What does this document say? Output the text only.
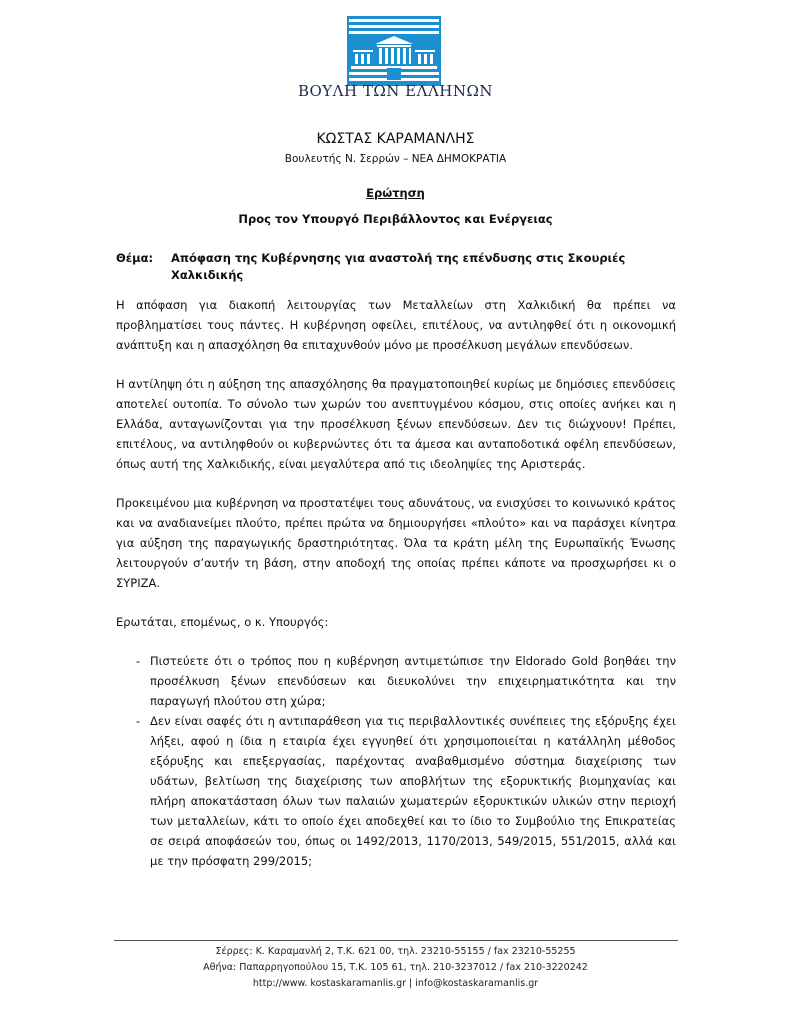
ΒΟΥΛΗ ΤΩΝ ΕΛΛΗΝΩΝ
ΚΩΣΤΑΣ ΚΑΡΑΜΑΝΛΗΣ
Βουλευτής Ν. Σερρών – ΝΕΑ ΔΗΜΟΚΡΑΤΙΑ
Ερώτηση
Προς τον Υπουργό Περιβάλλοντος και Ενέργειας
Θέμα: Απόφαση της Κυβέρνησης για αναστολή της επένδυσης στις Σκουριές Χαλκιδικής

Η απόφαση για διακοπή λειτουργίας των Μεταλλείων στη Χαλκιδική θα πρέπει να προβληματίσει τους πάντες. Η κυβέρνηση οφείλει, επιτέλους, να αντιληφθεί ότι η οικονομική ανάπτυξη και η απασχόληση θα επιταχυνθούν μόνο με προσέλκυση μεγάλων επενδύσεων.

Η αντίληψη ότι η αύξηση της απασχόλησης θα πραγματοποιηθεί κυρίως με δημόσιες επενδύσεις αποτελεί ουτοπία. Το σύνολο των χωρών του ανεπτυγμένου κόσμου, στις οποίες ανήκει και η Ελλάδα, ανταγωνίζονται για την προσέλκυση ξένων επενδύσεων. Δεν τις διώχνουν! Πρέπει, επιτέλους, να αντιληφθούν οι κυβερνώντες ότι τα άμεσα και ανταποδοτικά οφέλη επενδύσεων, όπως αυτή της Χαλκιδικής, είναι μεγαλύτερα από τις ιδεοληψίες της Αριστεράς.

Προκειμένου μια κυβέρνηση να προστατέψει τους αδυνάτους, να ενισχύσει το κοινωνικό κράτος και να αναδιανείμει πλούτο, πρέπει πρώτα να δημιουργήσει «πλούτο» και να παράσχει κίνητρα για αύξηση της παραγωγικής δραστηριότητας. Όλα τα κράτη μέλη της Ευρωπαϊκής Ένωσης λειτουργούν σ’αυτήν τη βάση, στην αποδοχή της οποίας πρέπει κάποτε να προσχωρήσει κι ο ΣΥΡΙΖΑ.

Ερωτάται, επομένως, ο κ. Υπουργός:

- Πιστεύετε ότι ο τρόπος που η κυβέρνηση αντιμετώπισε την Eldorado Gold βοηθάει την προσέλκυση ξένων επενδύσεων και διευκολύνει την επιχειρηματικότητα και την παραγωγή πλούτου στη χώρα;
- Δεν είναι σαφές ότι η αντιπαράθεση για τις περιβαλλοντικές συνέπειες της εξόρυξης έχει λήξει, αφού η ίδια η εταιρία έχει εγγυηθεί ότι χρησιμοποιείται η κατάλληλη μέθοδος εξόρυξης και επεξεργασίας, παρέχοντας αναβαθμισμένο σύστημα διαχείρισης των υδάτων, βελτίωση της διαχείρισης των αποβλήτων της εξορυκτικής βιομηχανίας και πλήρη αποκατάσταση όλων των παλαιών χωματερών εξορυκτικών υλικών στην περιοχή των μεταλλείων, κάτι το οποίο έχει αποδεχθεί και το ίδιο το Συμβούλιο της Επικρατείας σε σειρά αποφάσεών του, όπως οι 1492/2013, 1170/2013, 549/2015, 551/2015, αλλά και με την πρόσφατη 299/2015;
Σέρρες: Κ. Καραμανλή 2, Τ.Κ. 621 00, τηλ. 23210-55155 / fax 23210-55255
Αθήνα: Παπαρρηγοπούλου 15, Τ.Κ. 105 61, τηλ. 210-3237012 / fax 210-3220242
http://www. kostaskaramanlis.gr | info@kostaskaramanlis.gr
